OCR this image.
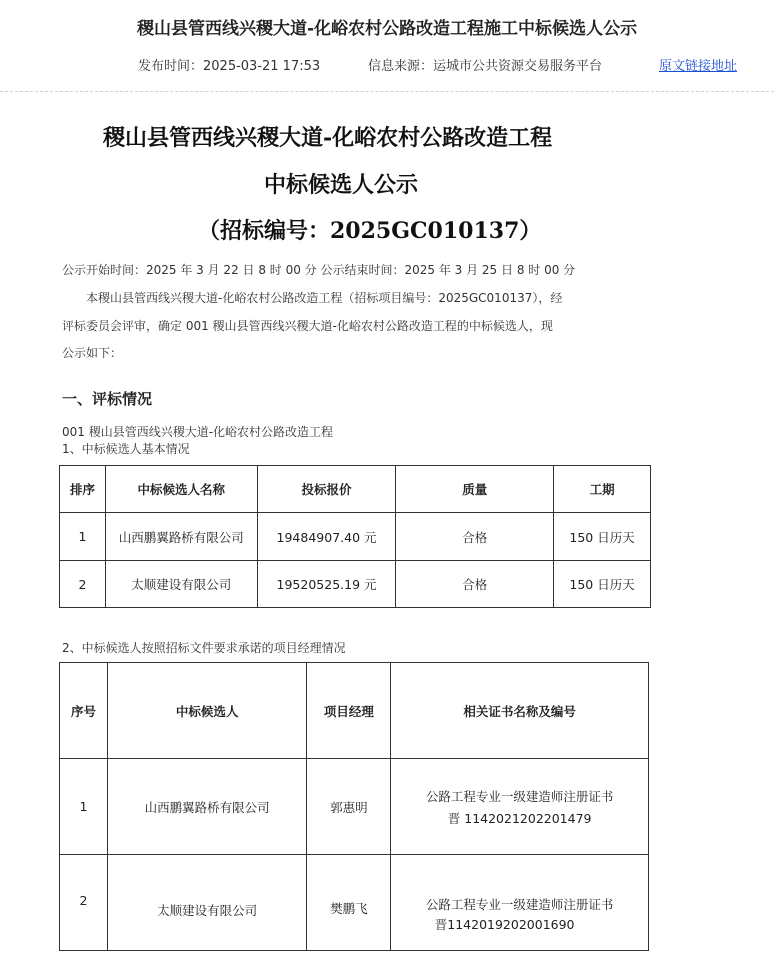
稷山县管西线兴稷大道-化峪农村公路改造工程施工中标候选人公示
发布时间：2025-03-21 17:53	信息来源：运城市公共资源交易服务平台	原文链接地址
稷山县管西线兴稷大道-化峪农村公路改造工程
中标候选人公示
（招标编号：2025GC010137）
公示开始时间：2025 年 3 月 22 日 8 时 00 分 公示结束时间：2025 年 3 月 25 日 8 时 00 分
本稷山县管西线兴稷大道-化峪农村公路改造工程（招标项目编号：2025GC010137），经
评标委员会评审，确定 001 稷山县管西线兴稷大道-化峪农村公路改造工程的中标候选人，现
公示如下：
一、评标情况
001 稷山县管西线兴稷大道-化峪农村公路改造工程
1、中标候选人基本情况
排序	中标候选人名称	投标报价	质量	工期
1	山西鹏翼路桥有限公司	19484907.40 元	合格	150 日历天
2	太顺建设有限公司	19520525.19 元	合格	150 日历天
2、中标候选人按照招标文件要求承诺的项目经理情况
序号	中标候选人	项目经理	相关证书名称及编号
1	山西鹏翼路桥有限公司	郭惠明	公路工程专业一级建造师注册证书
晋 1142021202201479

2	太顺建设有限公司	樊鹏飞	公路工程专业一级建造师注册证书
晋1142019202001690
